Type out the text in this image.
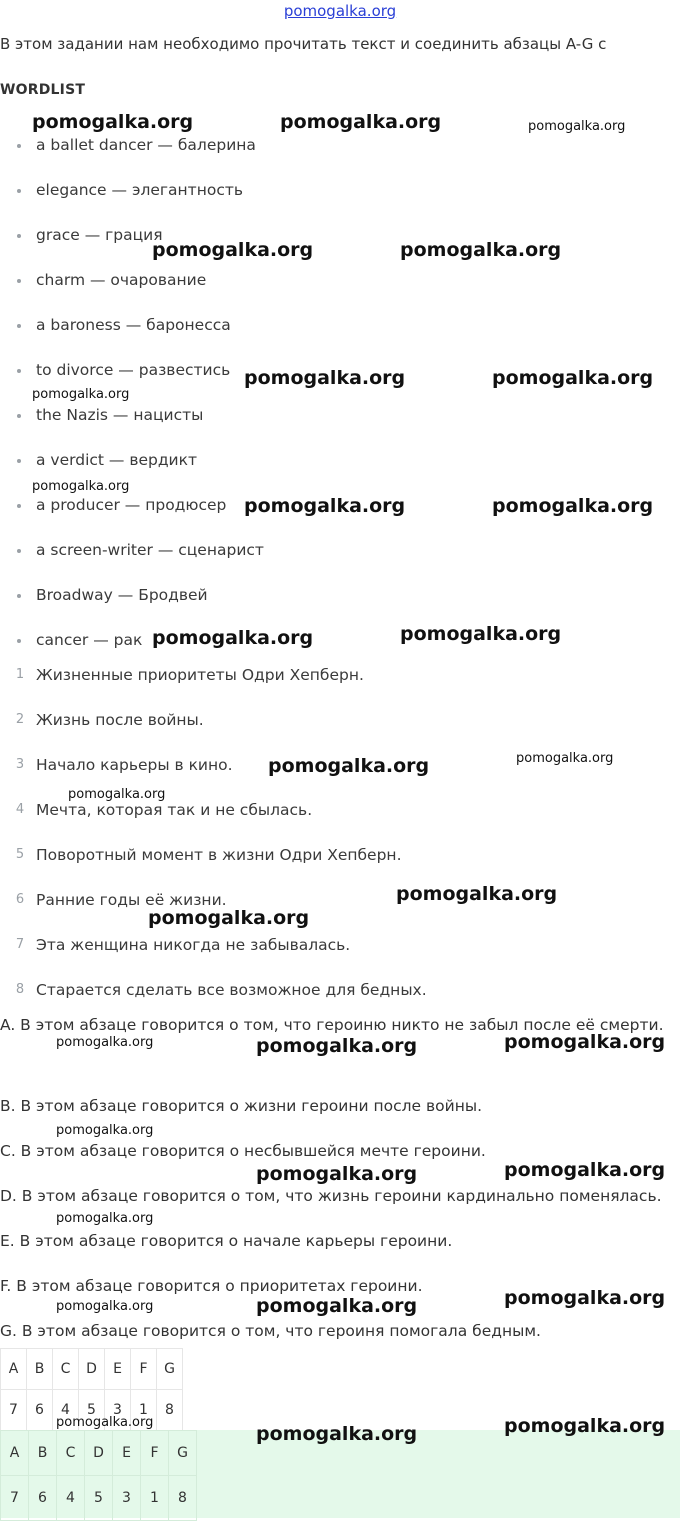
pomogalka.org
В этом задании нам необходимо прочитать текст и соединить абзацы A-G с
WORDLIST
a ballet dancer — балерина
elegance — элегантность
grace — грация
charm — очарование
a baroness — баронесса
to divorce — развестись
the Nazis — нацисты
a verdict — вердикт
a producer — продюсер
a screen-writer — сценарист
Broadway — Бродвей
cancer — рак
1 Жизненные приоритеты Одри Хепберн.
2 Жизнь после войны.
3 Начало карьеры в кино.
4 Мечта, которая так и не сбылась.
5 Поворотный момент в жизни Одри Хепберн.
6 Ранние годы её жизни.
7 Эта женщина никогда не забывалась.
8 Старается сделать все возможное для бедных.
A. В этом абзаце говорится о том, что героиню никто не забыл после её смерти.
B. В этом абзаце говорится о жизни героини после войны.
C. В этом абзаце говорится о несбывшейся мечте героини.
D. В этом абзаце говорится о том, что жизнь героини кардинально поменялась.
E. В этом абзаце говорится о начале карьеры героини.
F. В этом абзаце говорится о приоритетах героини.
G. В этом абзаце говорится о том, что героиня помогала бедным.
A	B	C	D	E	F	G
7	6	4	5	3	1	8
A	B	C	D	E	F	G
7	6	4	5	3	1	8
pomogalka.org	pomogalka.org	pomogalka.org
pomogalka.org	pomogalka.org
pomogalka.org	pomogalka.org
pomogalka.org
pomogalka.org
pomogalka.org	pomogalka.org
pomogalka.org	pomogalka.org
pomogalka.org	pomogalka.org
pomogalka.org
pomogalka.org
pomogalka.org
pomogalka.org	pomogalka.org	pomogalka.org
pomogalka.org
pomogalka.org	pomogalka.org
pomogalka.org
pomogalka.org	pomogalka.org	pomogalka.org
pomogalka.org
pomogalka.org	pomogalka.org
